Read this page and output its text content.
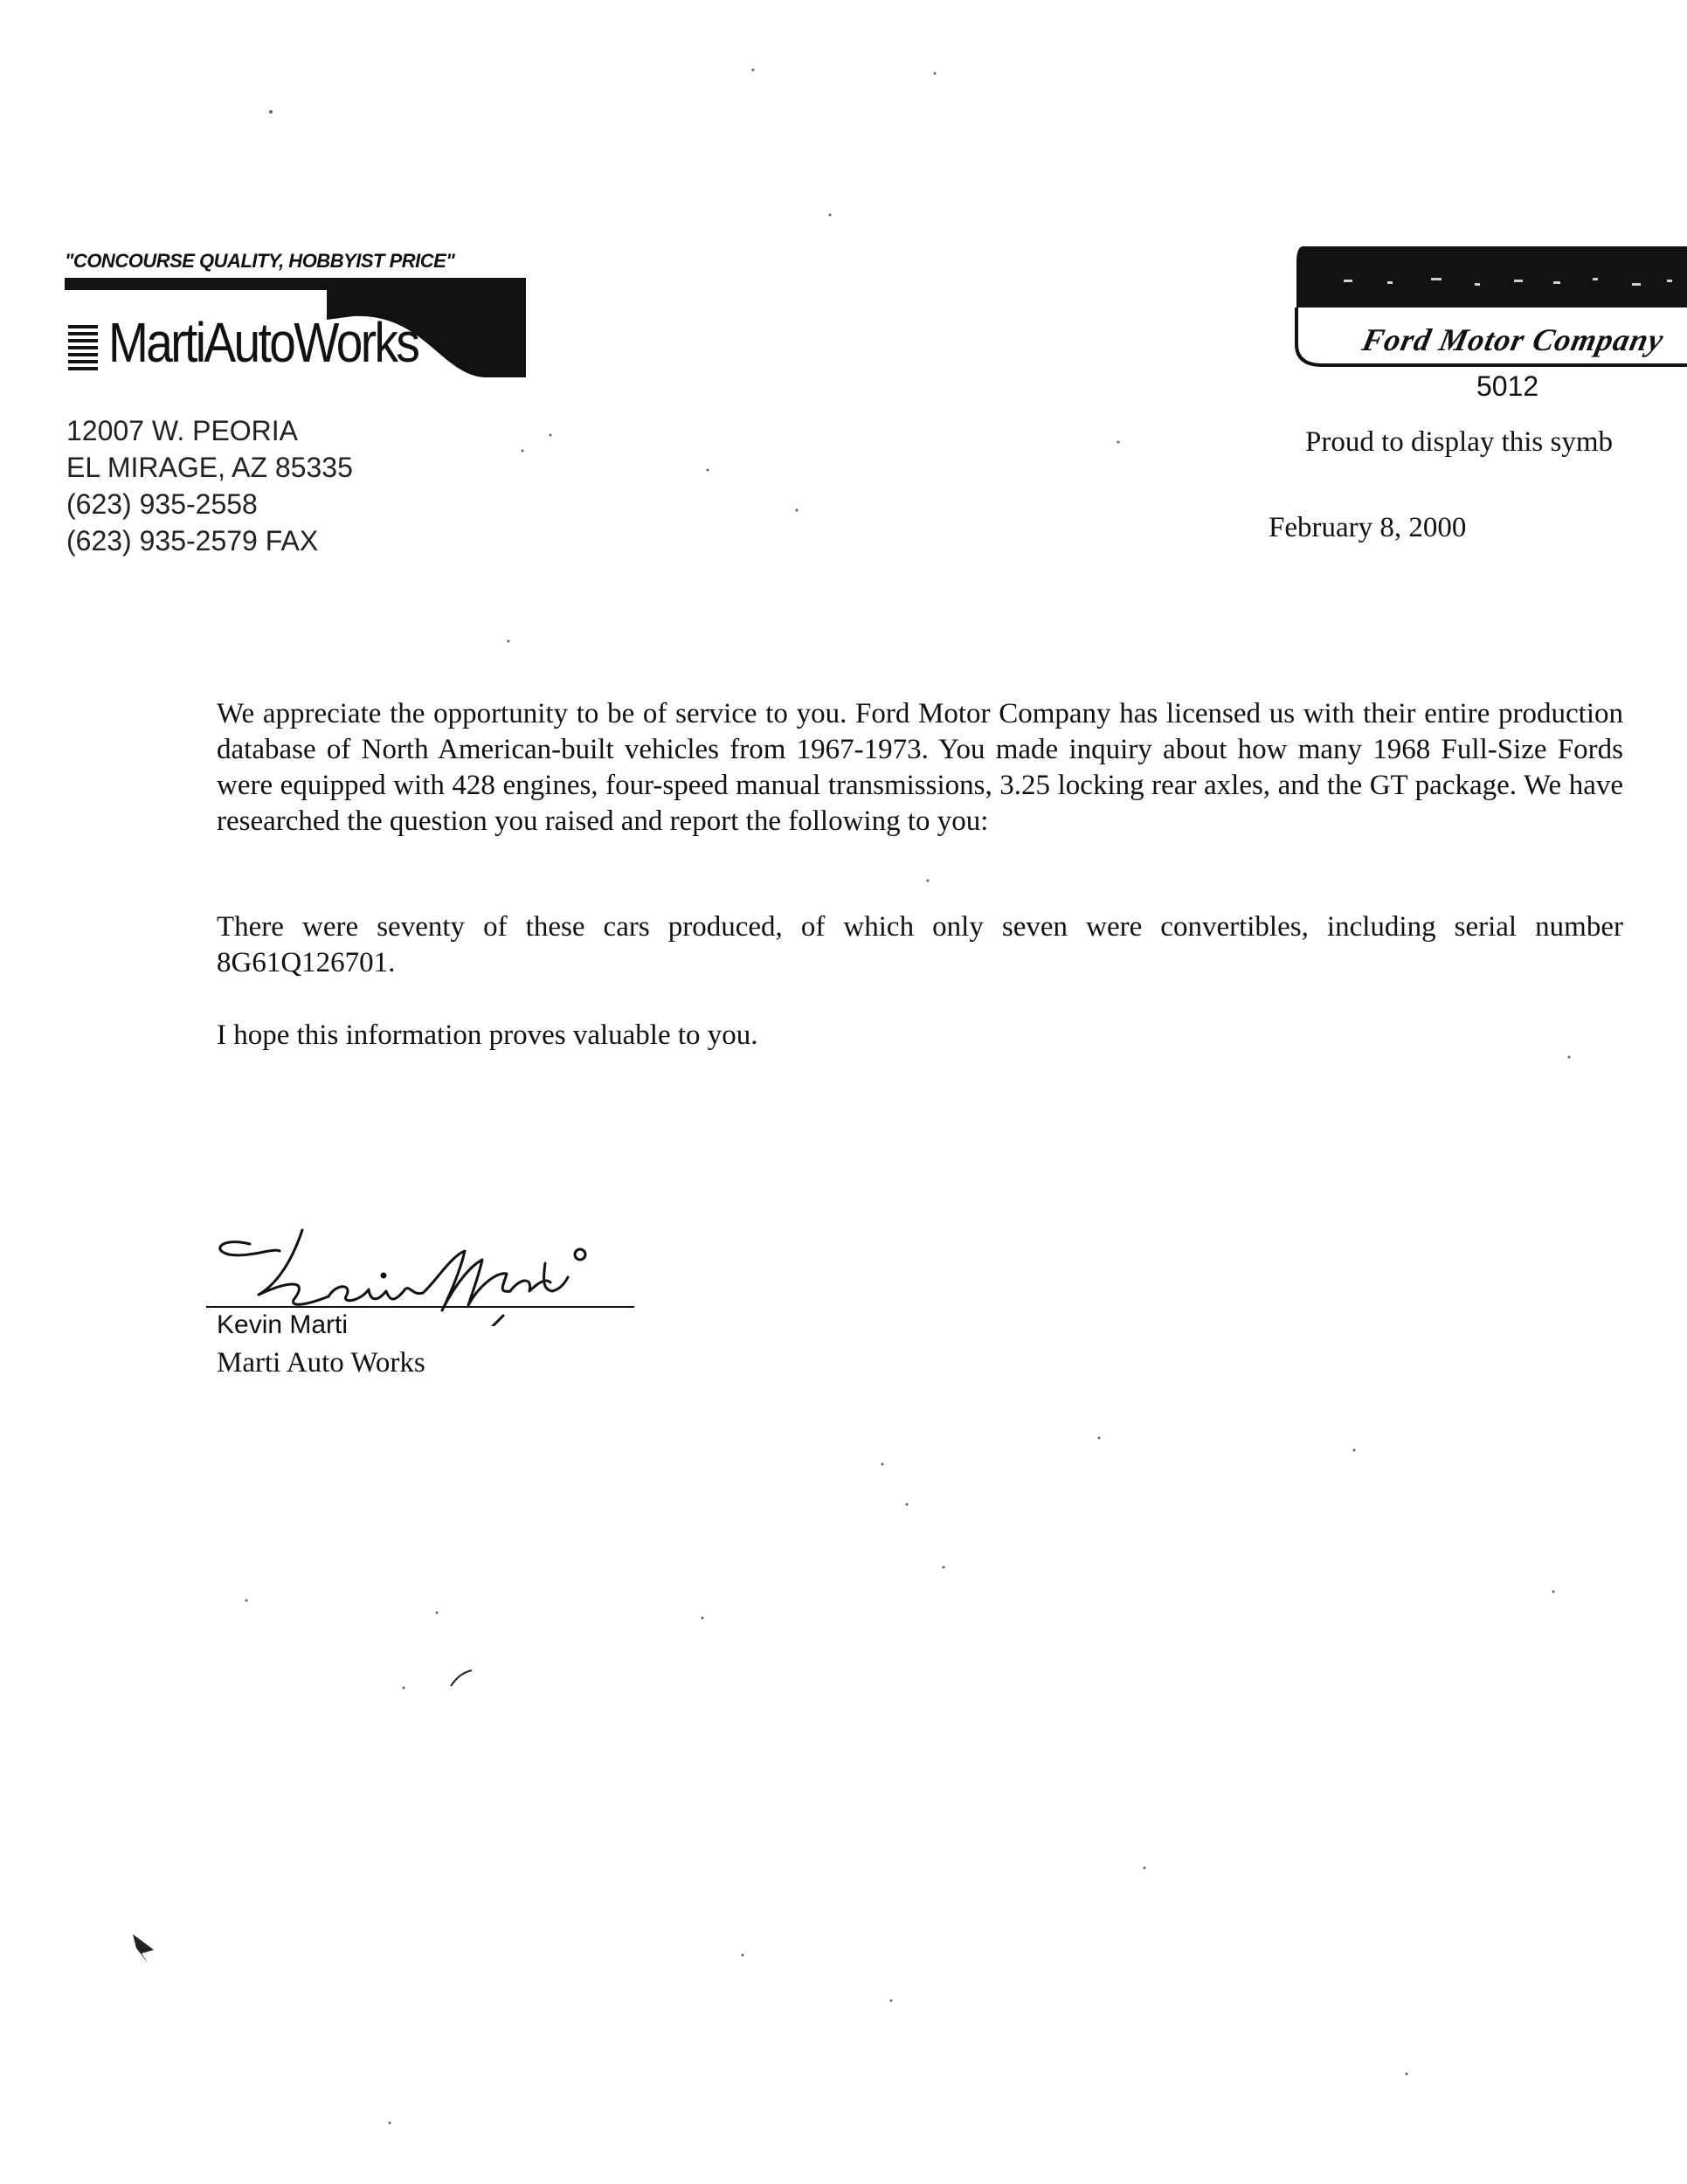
"CONCOURSE QUALITY, HOBBYIST PRICE"
MartiAutoWorks
12007 W. PEORIA
EL MIRAGE, AZ 85335
(623) 935-2558
(623) 935-2579 FAX
Ford Motor Company
5012
Proud to display this symb
February 8, 2000
We appreciate the opportunity to be of service to you. Ford Motor Company has licensed us with their entire production database of North American-built vehicles from 1967-1973. You made inquiry about how many 1968 Full-Size Fords were equipped with 428 engines, four-speed manual transmissions, 3.25 locking rear axles, and the GT package. We have researched the question you raised and report the following to you:
There were seventy of these cars produced, of which only seven were convertibles, including serial number 8G61Q126701.
I hope this information proves valuable to you.
Kevin Marti
Marti Auto Works
